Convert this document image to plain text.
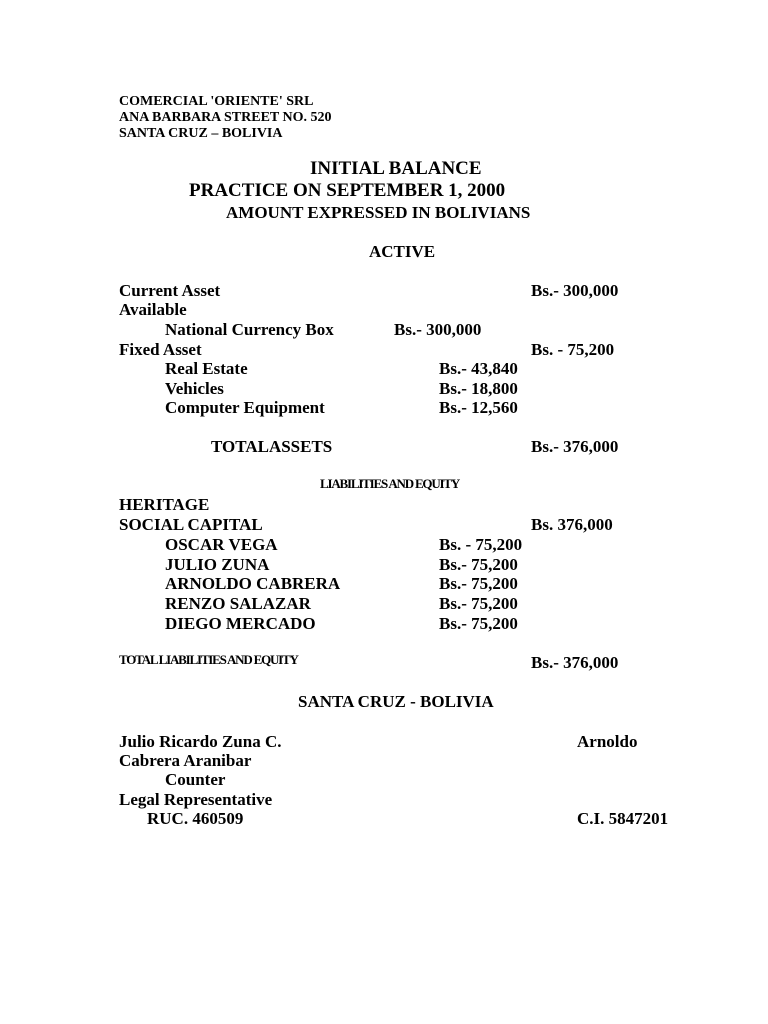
COMERCIAL 'ORIENTE' SRL
ANA BARBARA STREET NO. 520
SANTA CRUZ – BOLIVIA
INITIAL BALANCE
PRACTICE ON SEPTEMBER 1, 2000
AMOUNT EXPRESSED IN BOLIVIANS
ACTIVE
Current Asset	Bs.- 300,000
Available
National Currency Box	Bs.- 300,000
Fixed Asset	Bs. - 75,200
Real Estate	Bs.- 43,840
Vehicles	Bs.- 18,800
Computer Equipment	Bs.- 12,560
TOTALASSETS	Bs.- 376,000
LIABILITIES AND EQUITY
HERITAGE
SOCIAL CAPITAL	Bs. 376,000
OSCAR VEGA	Bs. - 75,200
JULIO ZUNA	Bs.- 75,200
ARNOLDO CABRERA	Bs.- 75,200
RENZO SALAZAR	Bs.- 75,200
DIEGO MERCADO	Bs.- 75,200
TOTAL LIABILITIES AND EQUITY	Bs.- 376,000
SANTA CRUZ - BOLIVIA
Julio Ricardo Zuna C.	Arnoldo
Cabrera Aranibar
Counter
Legal Representative
RUC. 460509	C.I. 5847201
